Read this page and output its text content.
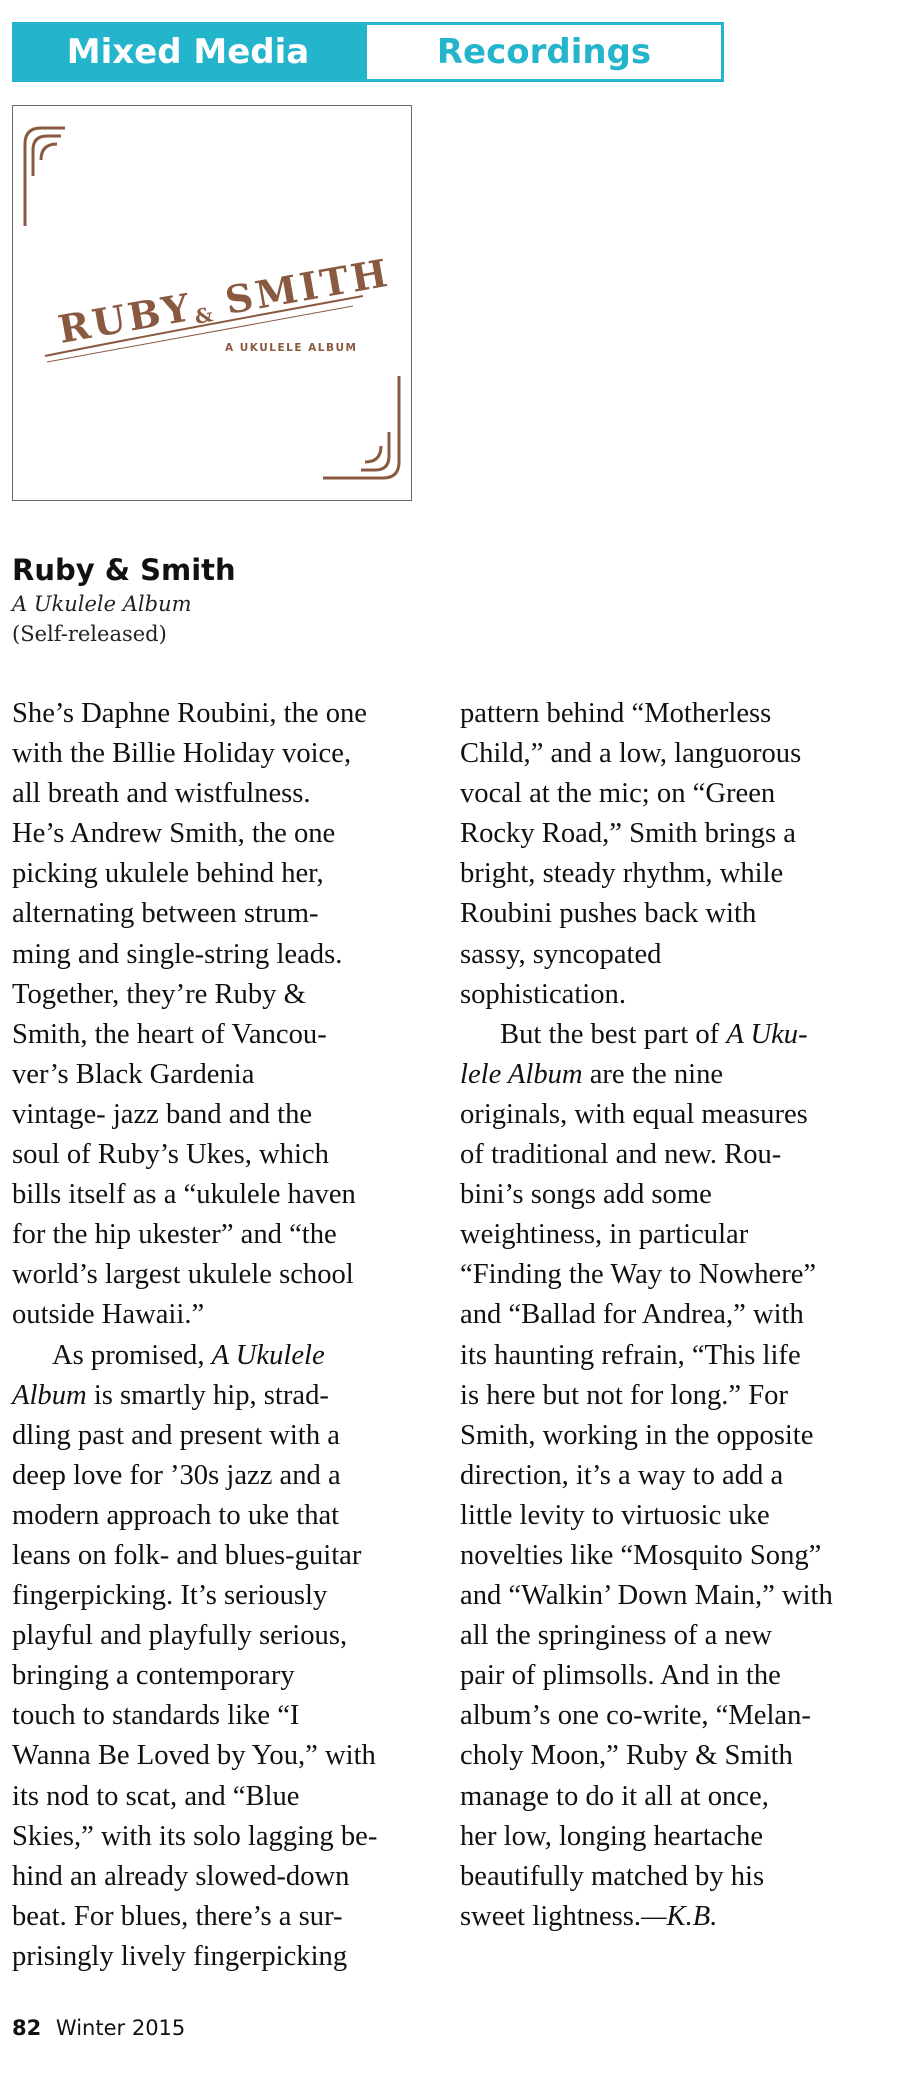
Mixed Media	Recordings
RUBY
& SMITH
A UKULELE ALBUM
Ruby & Smith
A Ukulele Album
(Self-released)
She’s Daphne Roubini, the one
with the Billie Holiday voice,
all breath and wistfulness.
He’s Andrew Smith, the one
picking ukulele behind her,
alternating between strum-
ming and single-string leads.
Together, they’re Ruby &
Smith, the heart of Vancou-
ver’s Black Gardenia
vintage- jazz band and the
soul of Ruby’s Ukes, which
bills itself as a “ukulele haven
for the hip ukester” and “the
world’s largest ukulele school
outside Hawaii.”
As promised, A Ukulele
Album is smartly hip, strad-
dling past and present with a
deep love for ’30s jazz and a
modern approach to uke that
leans on folk- and blues-guitar
fingerpicking. It’s seriously
playful and playfully serious,
bringing a contemporary
touch to standards like “I
Wanna Be Loved by You,” with
its nod to scat, and “Blue
Skies,” with its solo lagging be-
hind an already slowed-down
beat. For blues, there’s a sur-
prisingly lively fingerpicking
pattern behind “Motherless
Child,” and a low, languorous
vocal at the mic; on “Green
Rocky Road,” Smith brings a
bright, steady rhythm, while
Roubini pushes back with
sassy, syncopated
sophistication.
But the best part of A Uku-
lele Album are the nine
originals, with equal measures
of traditional and new. Rou-
bini’s songs add some
weightiness, in particular
“Finding the Way to Nowhere”
and “Ballad for Andrea,” with
its haunting refrain, “This life
is here but not for long.” For
Smith, working in the opposite
direction, it’s a way to add a
little levity to virtuosic uke
novelties like “Mosquito Song”
and “Walkin’ Down Main,” with
all the springiness of a new
pair of plimsolls. And in the
album’s one co-write, “Melan-
choly Moon,” Ruby & Smith
manage to do it all at once,
her low, longing heartache
beautifully matched by his
sweet lightness.—K.B.
82 Winter 2015
